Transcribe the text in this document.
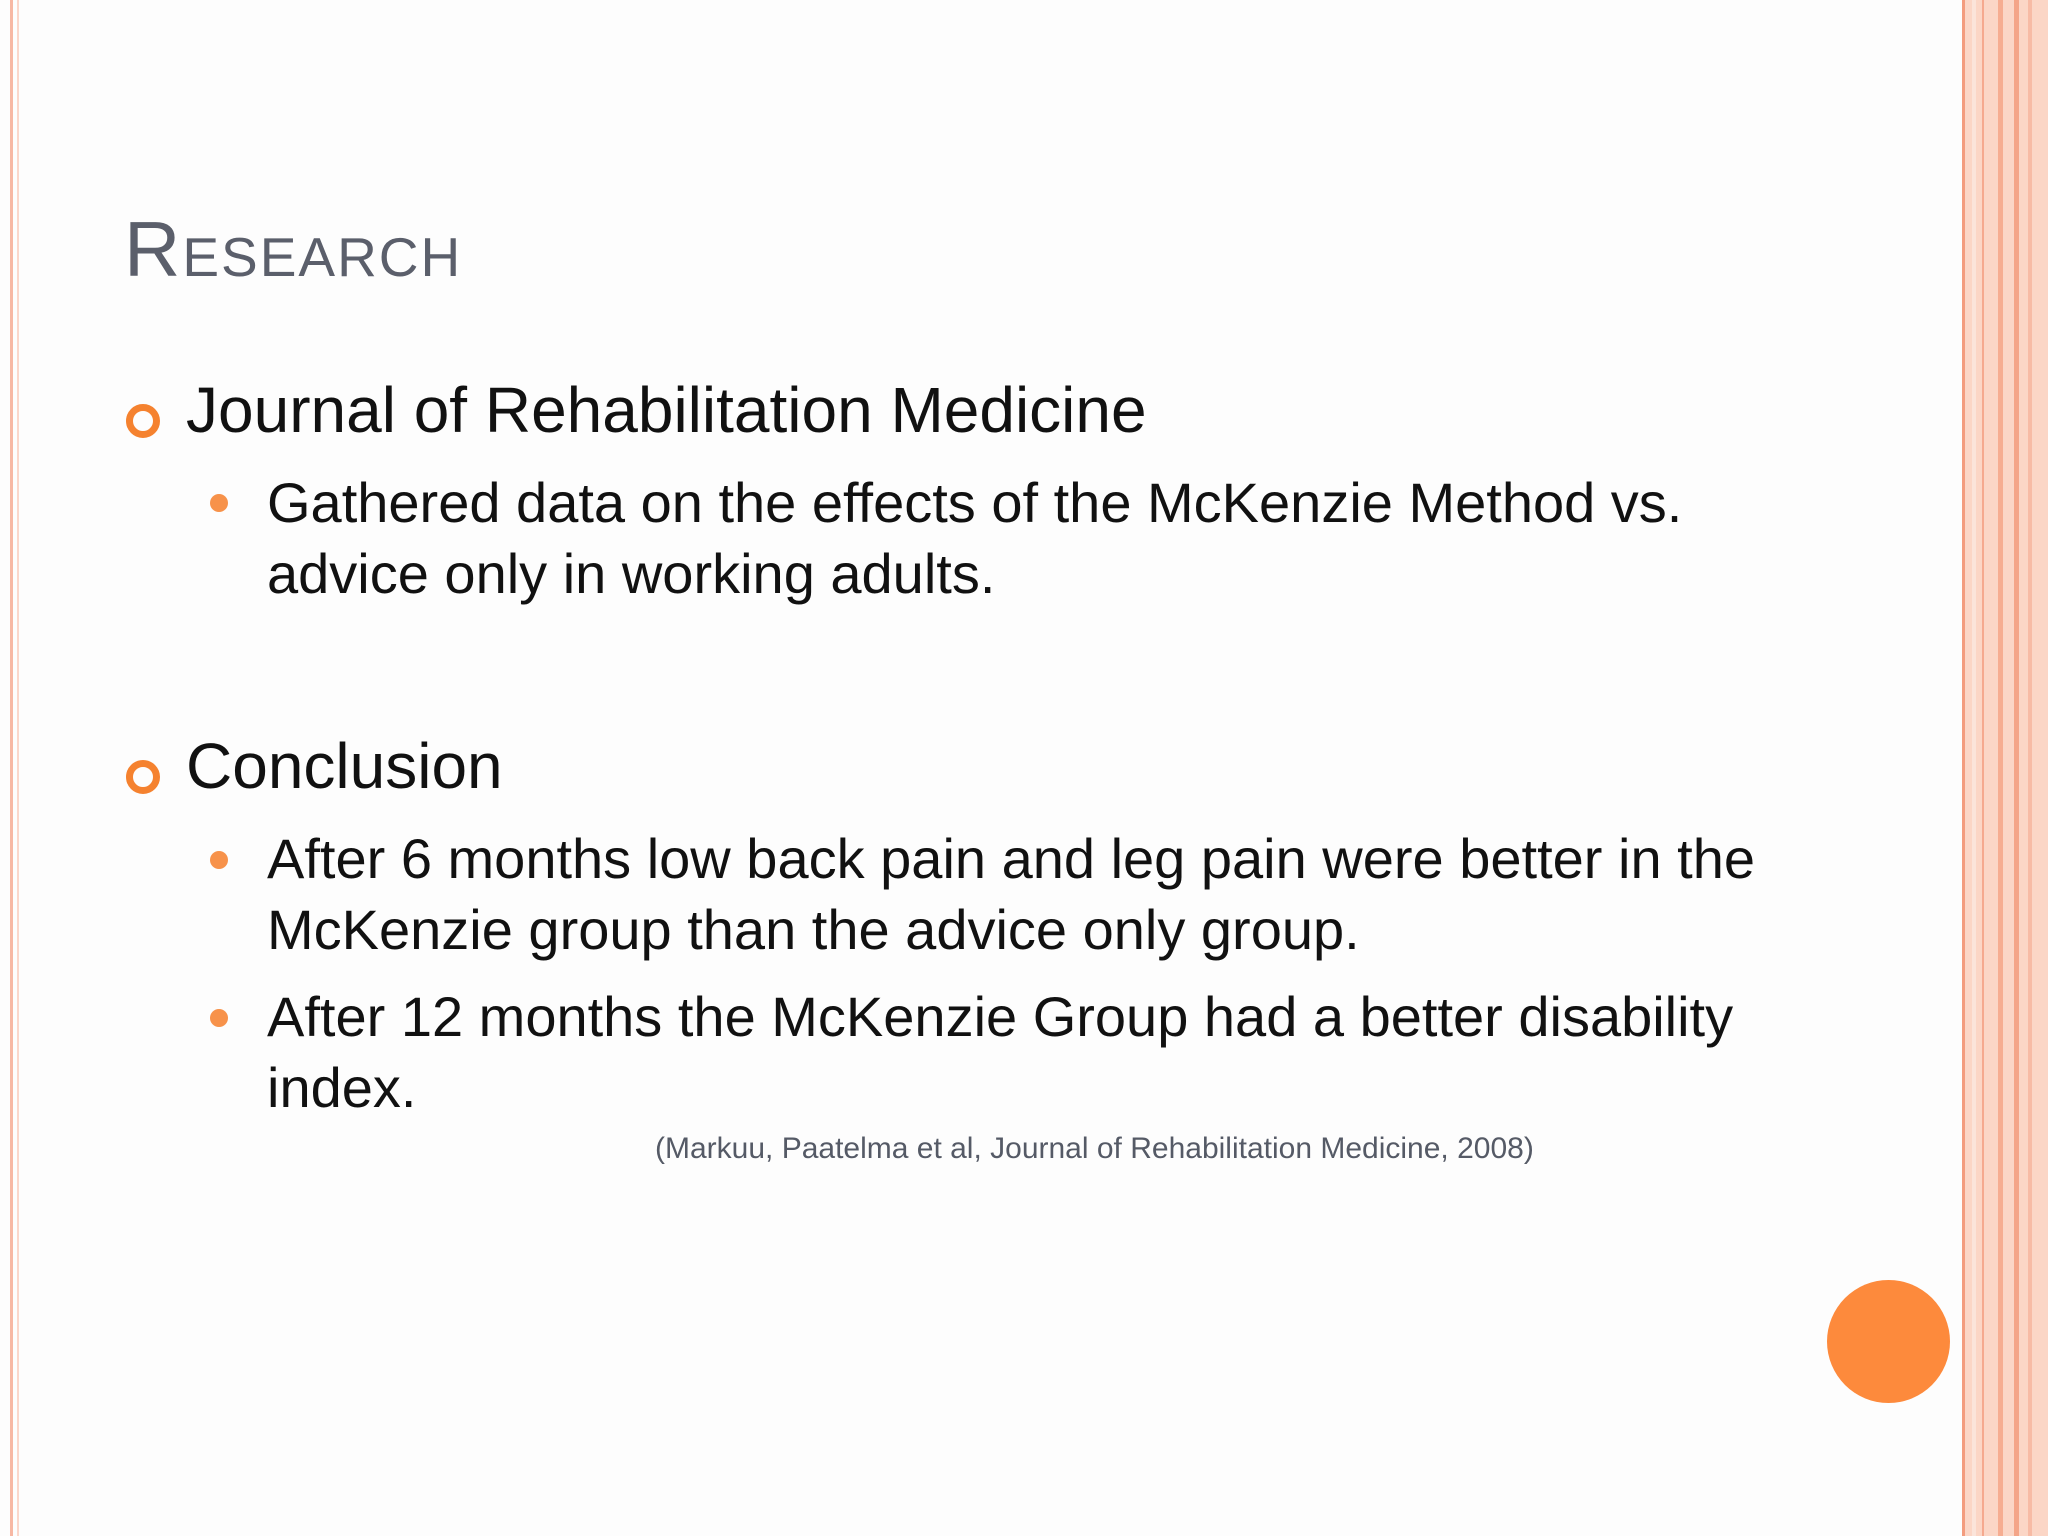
Research
Journal of Rehabilitation Medicine
Gathered data on the effects of the McKenzie Method vs. advice only in working adults.
Conclusion
After 6 months low back pain and leg pain were better in the McKenzie group than the advice only group.
After 12 months the McKenzie Group had a better disability index.
(Markuu, Paatelma et al, Journal of Rehabilitation Medicine, 2008)
